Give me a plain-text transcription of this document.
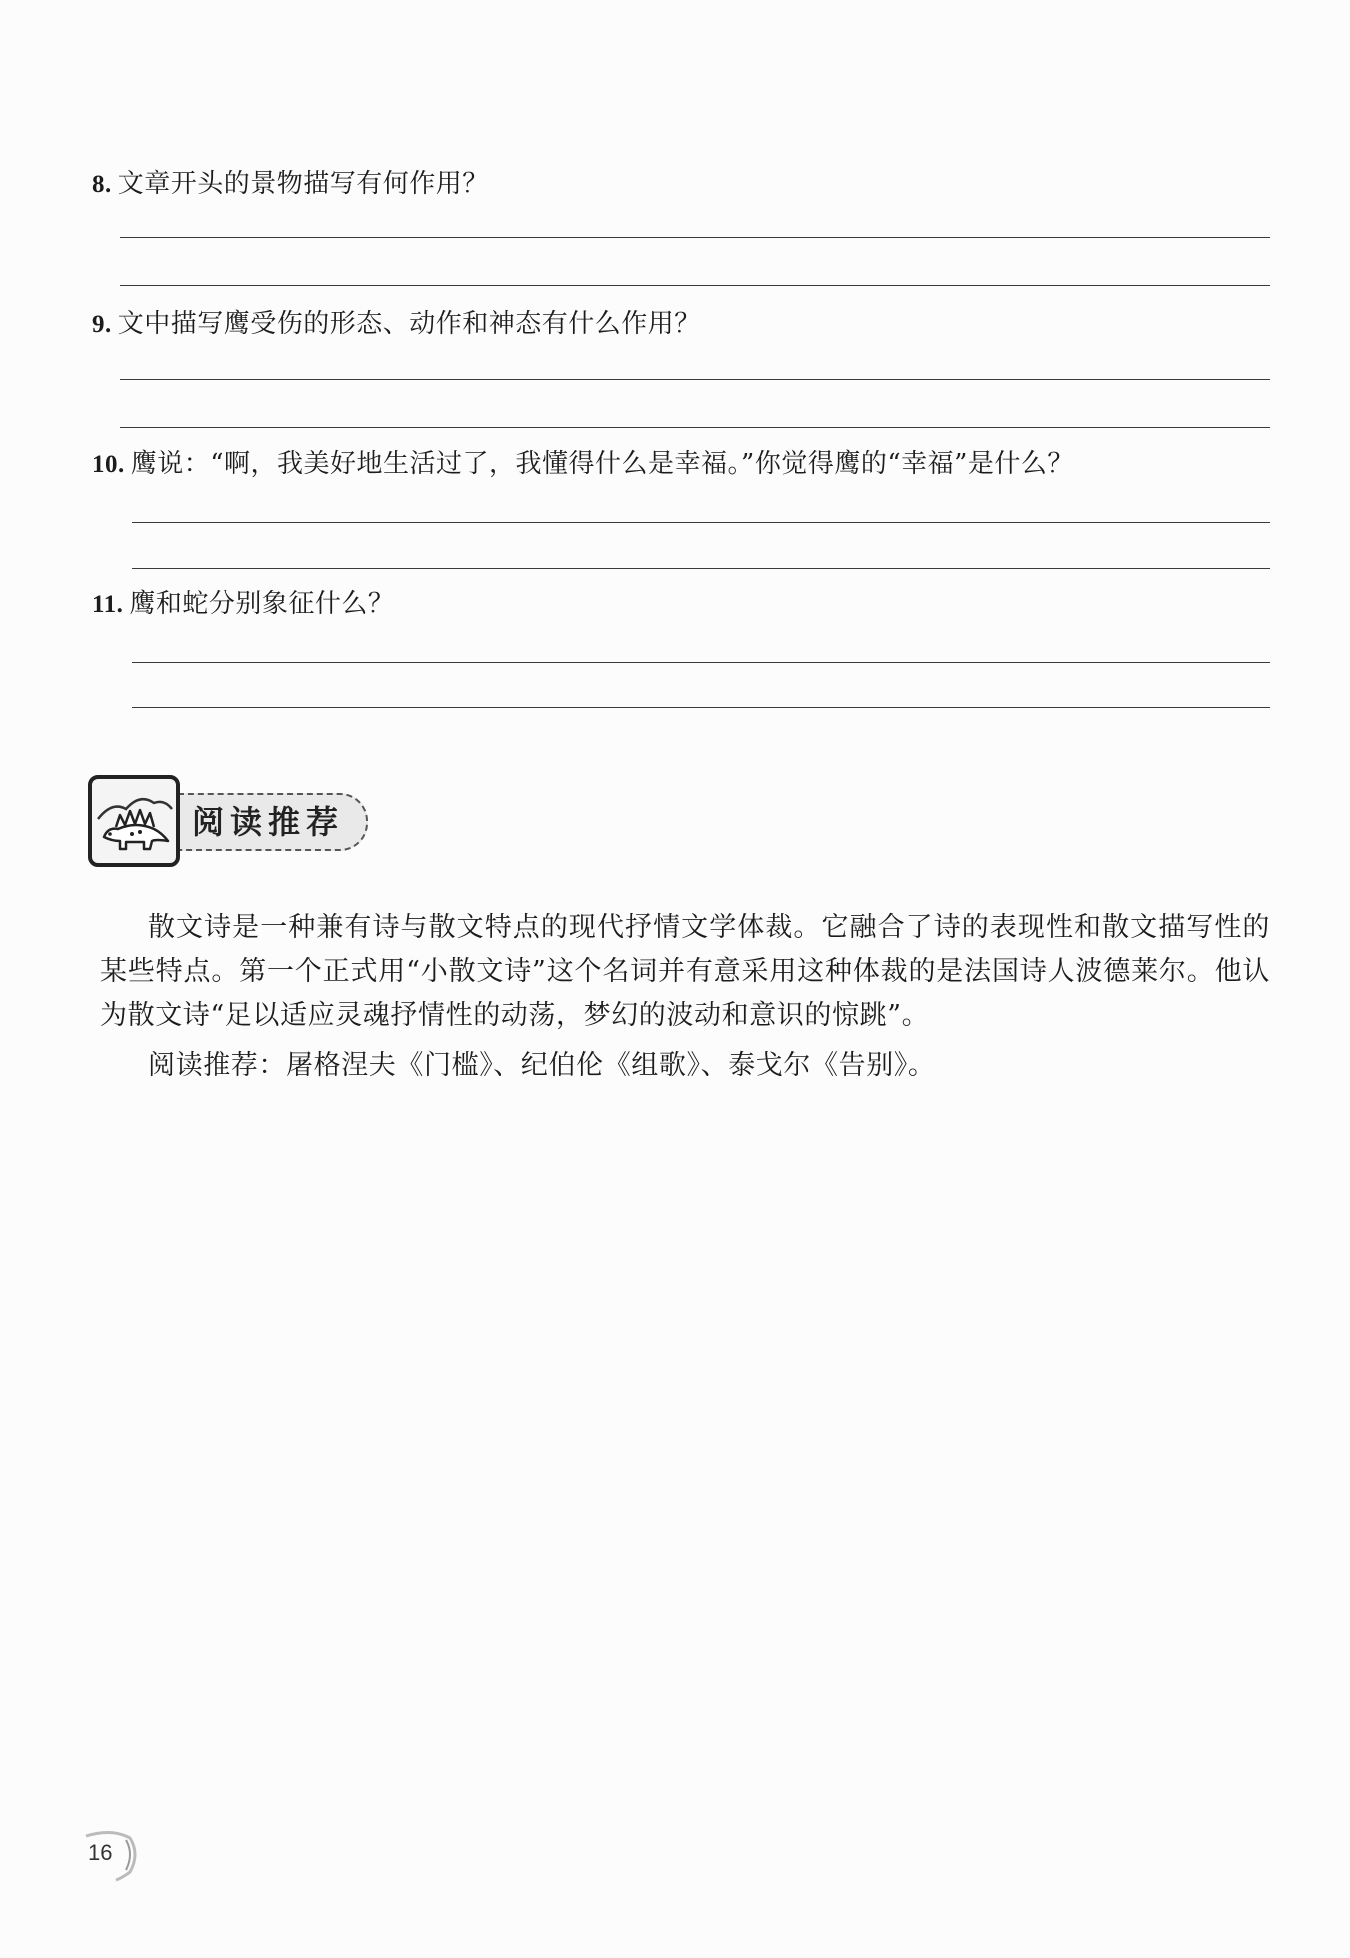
8. 文章开头的景物描写有何作用？
9. 文中描写鹰受伤的形态、动作和神态有什么作用？
10. 鹰说：“啊，我美好地生活过了，我懂得什么是幸福。”你觉得鹰的“幸福”是什么？
11. 鹰和蛇分别象征什么？
阅读推荐
散文诗是一种兼有诗与散文特点的现代抒情文学体裁。它融合了诗的表现性和散文描写性的某些特点。第一个正式用“小散文诗”这个名词并有意采用这种体裁的是法国诗人波德莱尔。他认为散文诗“足以适应灵魂抒情性的动荡，梦幻的波动和意识的惊跳”。
阅读推荐：屠格涅夫《门槛》、纪伯伦《组歌》、泰戈尔《告别》。
16
